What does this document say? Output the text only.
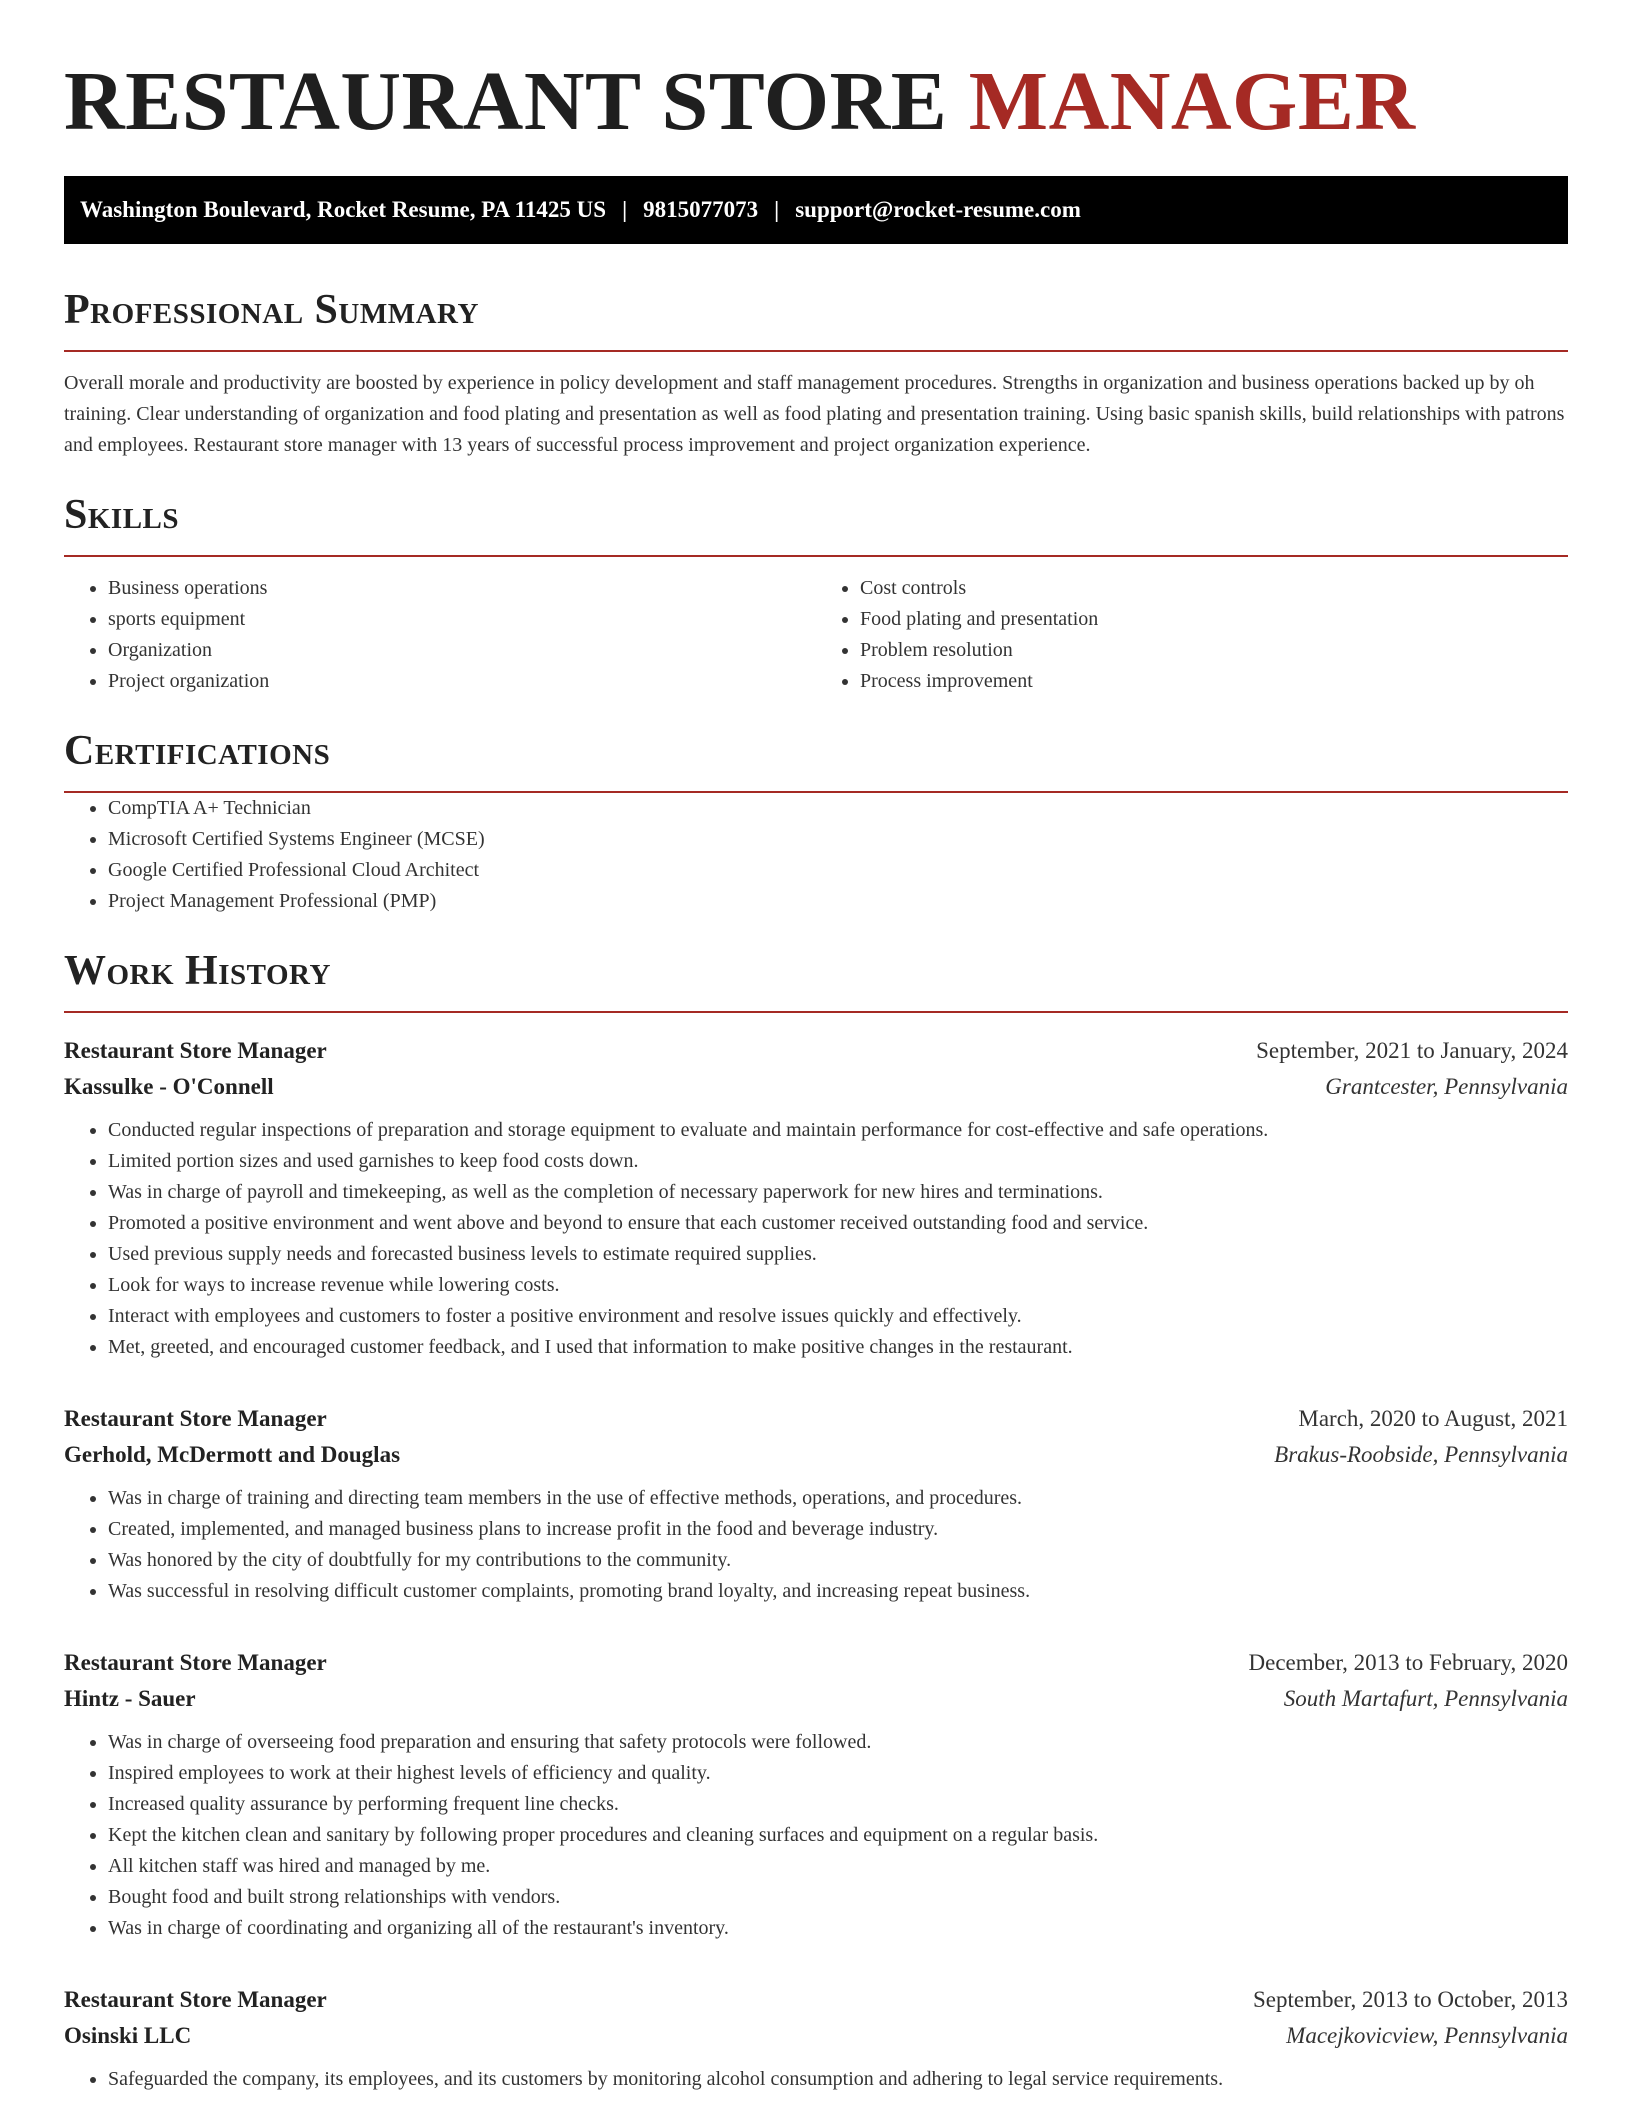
RESTAURANT STORE MANAGER
Washington Boulevard, Rocket Resume, PA 11425 US | 9815077073 | support@rocket-resume.com
Professional Summary

Overall morale and productivity are boosted by experience in policy development and staff management procedures. Strengths in organization and business operations backed up by oh training. Clear understanding of organization and food plating and presentation as well as food plating and presentation training. Using basic spanish skills, build relationships with patrons and employees. Restaurant store manager with 13 years of successful process improvement and project organization experience.

Skills
• Business operations
• sports equipment
• Organization
• Project organization
• Cost controls
• Food plating and presentation
• Problem resolution
• Process improvement
Certifications
• CompTIA A+ Technician
• Microsoft Certified Systems Engineer (MCSE)
• Google Certified Professional Cloud Architect
• Project Management Professional (PMP)
Work History
Restaurant Store Manager	September, 2021 to January, 2024
Kassulke - O'Connell	Grantcester, Pennsylvania
• Conducted regular inspections of preparation and storage equipment to evaluate and maintain performance for cost-effective and safe operations.
• Limited portion sizes and used garnishes to keep food costs down.
• Was in charge of payroll and timekeeping, as well as the completion of necessary paperwork for new hires and terminations.
• Promoted a positive environment and went above and beyond to ensure that each customer received outstanding food and service.
• Used previous supply needs and forecasted business levels to estimate required supplies.
• Look for ways to increase revenue while lowering costs.
• Interact with employees and customers to foster a positive environment and resolve issues quickly and effectively.
• Met, greeted, and encouraged customer feedback, and I used that information to make positive changes in the restaurant.
Restaurant Store Manager	March, 2020 to August, 2021
Gerhold, McDermott and Douglas	Brakus-Roobside, Pennsylvania
• Was in charge of training and directing team members in the use of effective methods, operations, and procedures.
• Created, implemented, and managed business plans to increase profit in the food and beverage industry.
• Was honored by the city of doubtfully for my contributions to the community.
• Was successful in resolving difficult customer complaints, promoting brand loyalty, and increasing repeat business.
Restaurant Store Manager	December, 2013 to February, 2020
Hintz - Sauer	South Martafurt, Pennsylvania
• Was in charge of overseeing food preparation and ensuring that safety protocols were followed.
• Inspired employees to work at their highest levels of efficiency and quality.
• Increased quality assurance by performing frequent line checks.
• Kept the kitchen clean and sanitary by following proper procedures and cleaning surfaces and equipment on a regular basis.
• All kitchen staff was hired and managed by me.
• Bought food and built strong relationships with vendors.
• Was in charge of coordinating and organizing all of the restaurant's inventory.
Restaurant Store Manager	September, 2013 to October, 2013
Osinski LLC	Macejkovicview, Pennsylvania
• Safeguarded the company, its employees, and its customers by monitoring alcohol consumption and adhering to legal service requirements.
